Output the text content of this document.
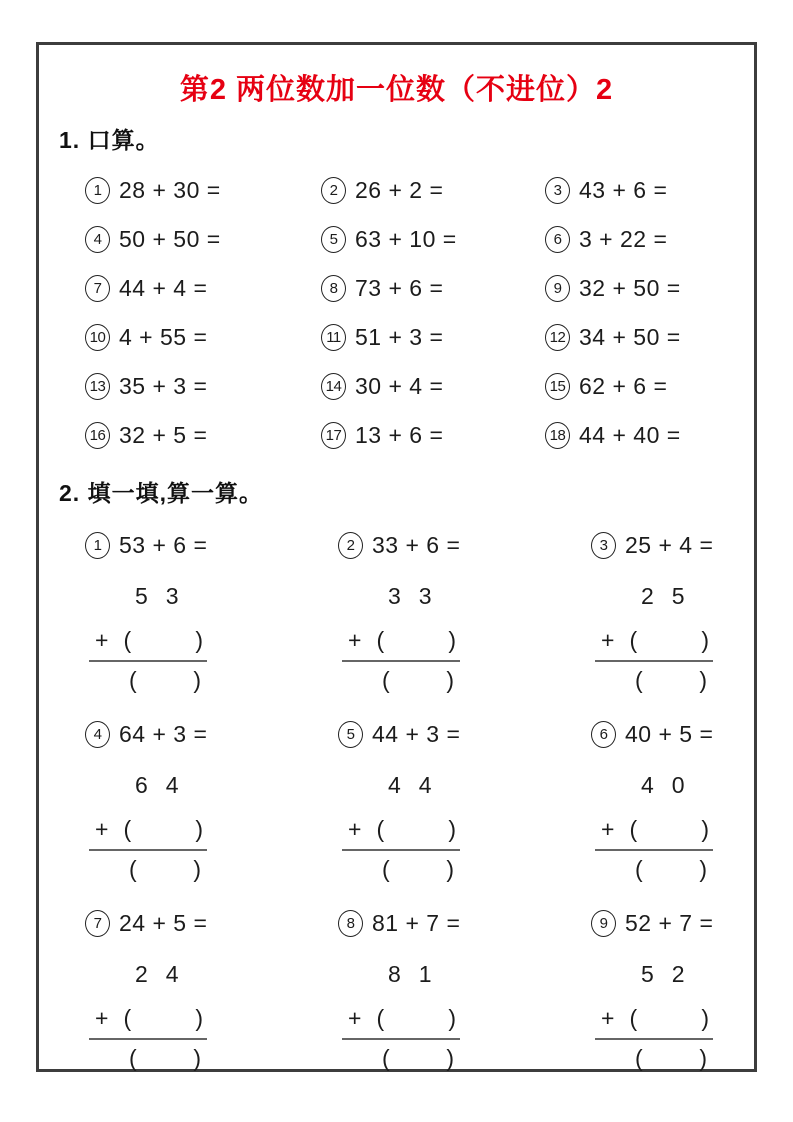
第2 两位数加一位数（不进位）2
1. 口算。
1 28 + 30 =	2 26 + 2 =	3 43 + 6 =
4 50 + 50 =	5 63 + 10 =	6 3 + 22 =
7 44 + 4 =	8 73 + 6 =	9 32 + 50 =
10 4 + 55 =	11 51 + 3 =	12 34 + 50 =
13 35 + 3 =	14 30 + 4 =	15 62 + 6 =
16 32 + 5 =	17 13 + 6 =	18 44 + 40 =
2. 填一填,算一算。
1 53 + 6 =
5 3
+ (	)
( )
2 33 + 6 =
3 3
+ (	)
( )
3 25 + 4 =
2 5
+ (	)
( )
4 64 + 3 =
6 4
+ (	)
( )
5 44 + 3 =
4 4
+ (	)
( )
6 40 + 5 =
4 0
+ (	)
( )
7 24 + 5 =
2 4
+ (	)
( )
8 81 + 7 =
8 1
+ (	)
( )
9 52 + 7 =
5 2
+ (	)
( )
